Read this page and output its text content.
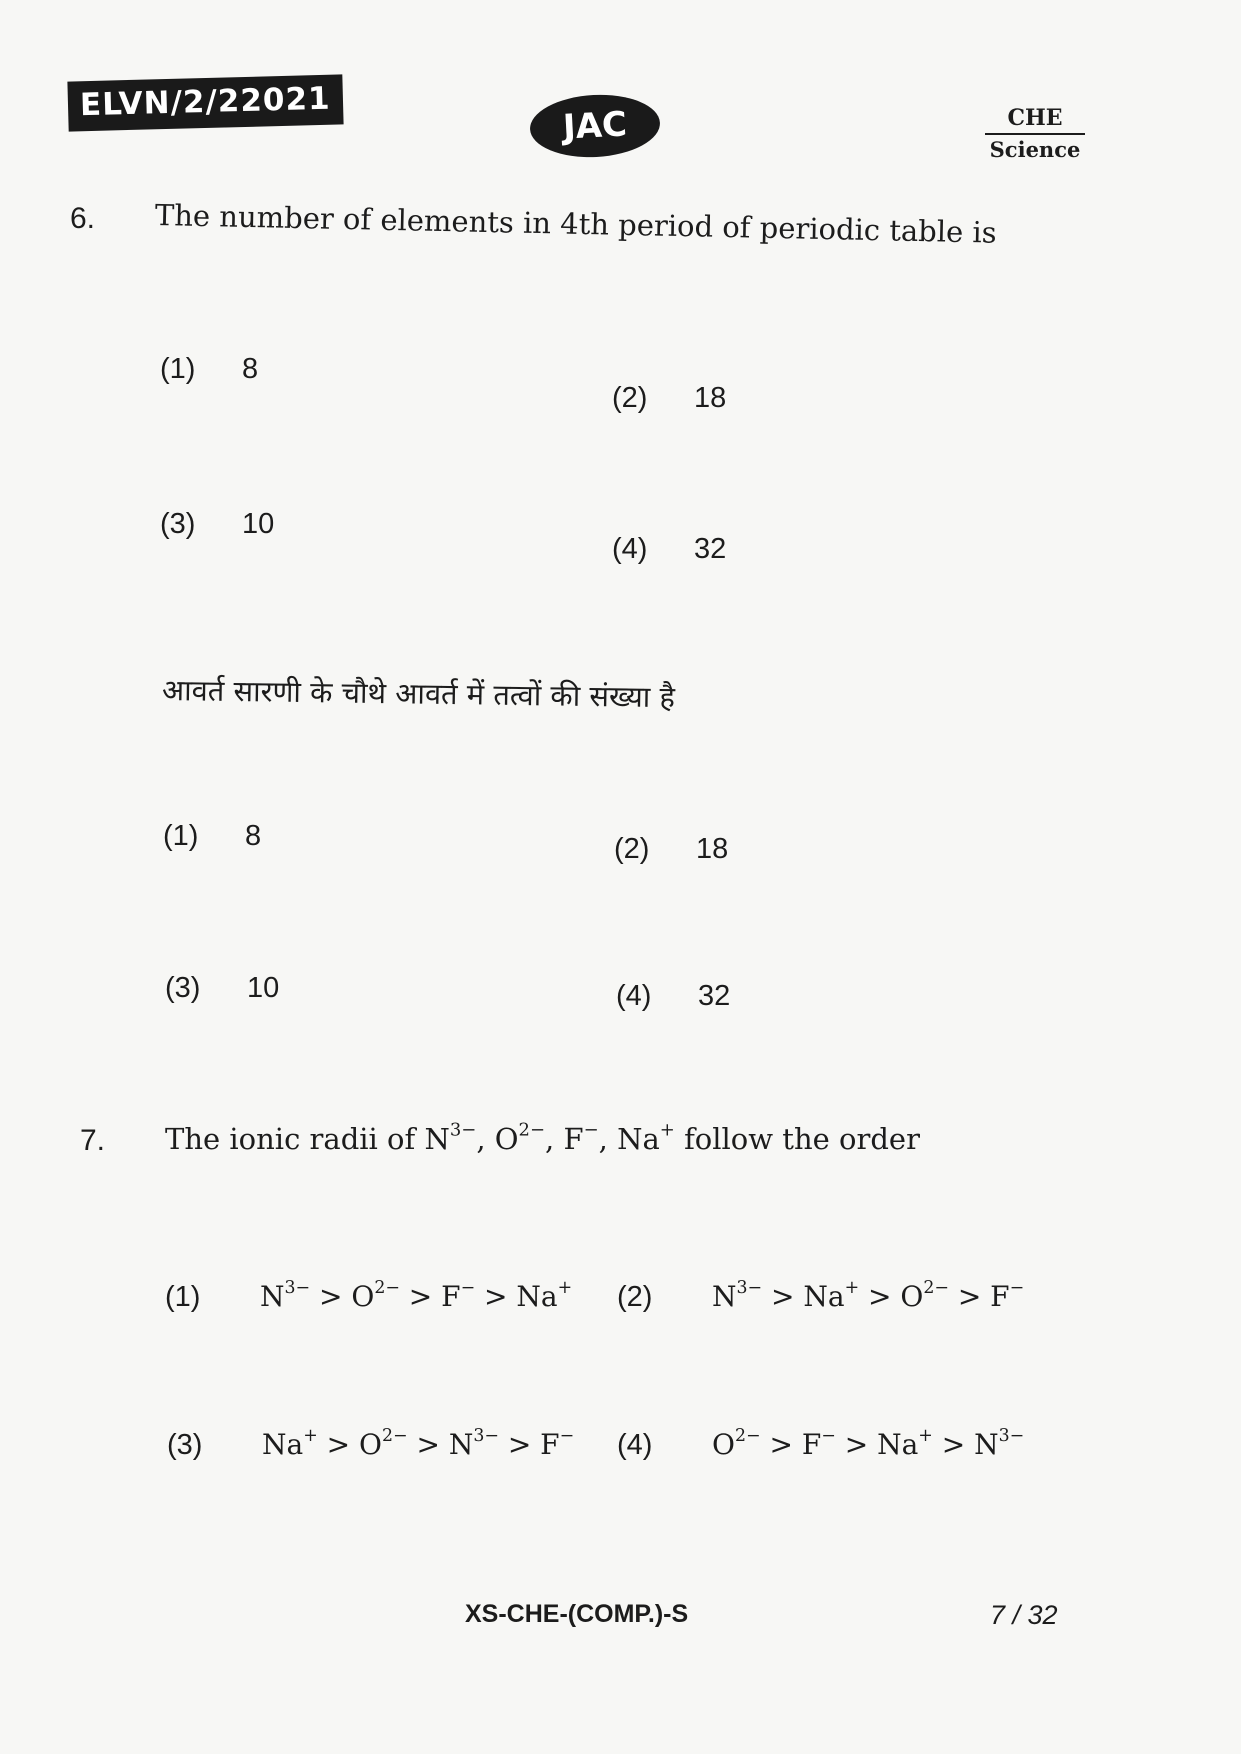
ELVN/2/22021
JAC	CHE
Science
6. The number of elements in 4th period of periodic table is
(1) 8
(2) 18
(3) 10
(4) 32
आवर्त सारणी के चौथे आवर्त में तत्वों की संख्या है
(1) 8	(2) 18
(3) 10	(4) 32
7. The ionic radii of $N^{3-}$, $O^{2-}$, F−, Na+ follow the order
(1) $N^{3-} > O^{2-} > F^- > Na^+$ (2) $N^{3-} > Na^+ > O^{2-} > F^-$
(3) $Na^+ > O^{2-} > N^{3-} > F^-$ (4) $O^{2-} > F^- > Na^+ > N^{3-}$
XS-CHE-(COMP.)-S	7 / 32
